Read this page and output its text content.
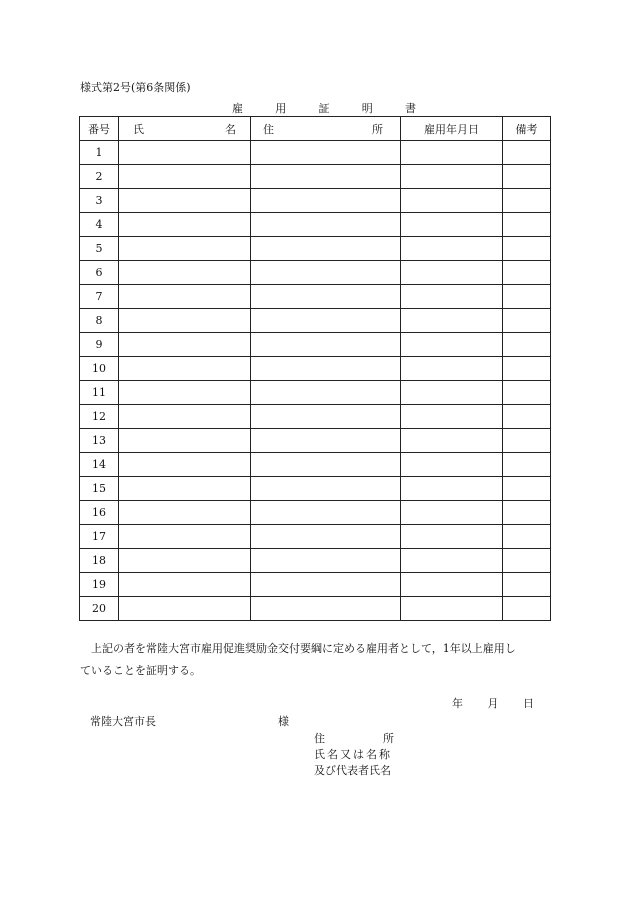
様式第2号(第6条関係)
雇	用	証	明	書
番号	氏 名	住 所	雇用年月日	備考
1				
2				
3				
4				
5				
6				
7				
8				
9				
10				
11				
12				
13				
14				
15				
16				
17				
18				
19				
20				

上記の者を常陸大宮市雇用促進奨励金交付要綱に定める雇用者として，1年以上雇用し

ていることを証明する。
年 月 日
常陸大宮市長	様
住	所
氏名又は名称
及び代表者氏名
